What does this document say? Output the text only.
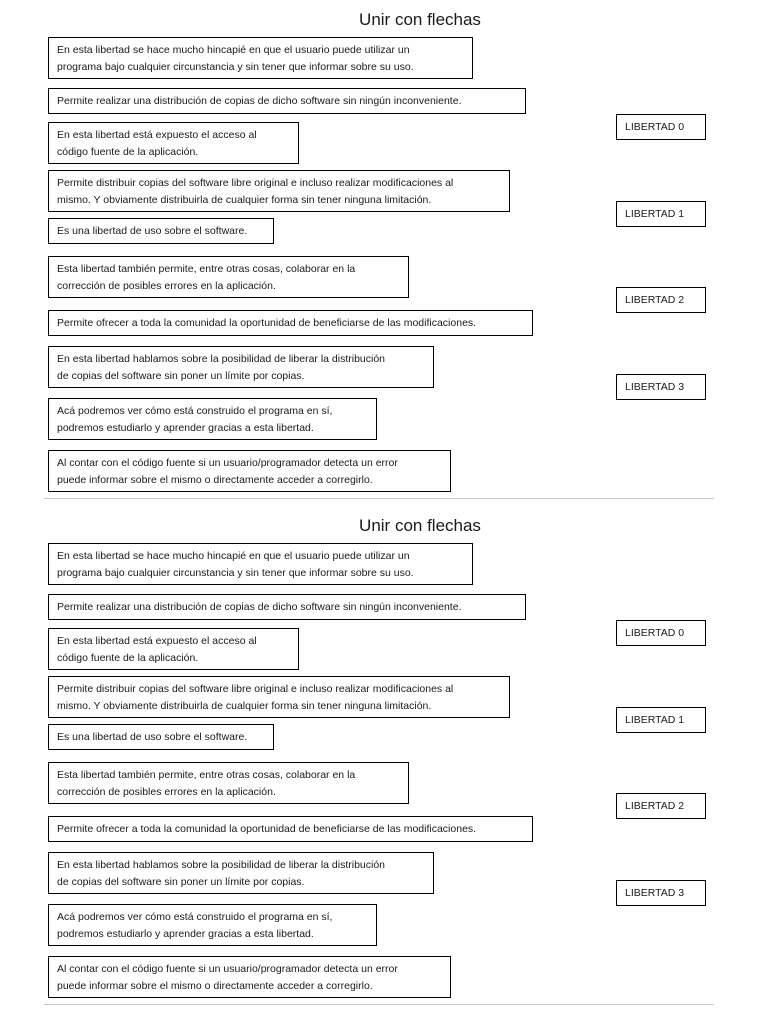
Unir con flechas
En esta libertad se hace mucho hincapié en que el usuario puede utilizar un
programa bajo cualquier circunstancia y sin tener que informar sobre su uso.
Permite realizar una distribución de copias de dicho software sin ningún inconveniente.
En esta libertad está expuesto el acceso al
código fuente de la aplicación.
Permite distribuir copias del software libre original e incluso realizar modificaciones al
mismo. Y obviamente distribuirla de cualquier forma sin tener ninguna limitación.
Es una libertad de uso sobre el software.
Esta libertad también permite, entre otras cosas, colaborar en la
corrección de posibles errores en la aplicación.
Permite ofrecer a toda la comunidad la oportunidad de beneficiarse de las modificaciones.
En esta libertad hablamos sobre la posibilidad de liberar la distribución
de copias del software sin poner un límite por copias.
Acá podremos ver cómo está construido el programa en sí,
podremos estudiarlo y aprender gracias a esta libertad.
Al contar con el código fuente si un usuario/programador detecta un error
puede informar sobre el mismo o directamente acceder a corregirlo.
LIBERTAD 0
LIBERTAD 1
LIBERTAD 2
LIBERTAD 3
Unir con flechas
En esta libertad se hace mucho hincapié en que el usuario puede utilizar un
programa bajo cualquier circunstancia y sin tener que informar sobre su uso.
Permite realizar una distribución de copias de dicho software sin ningún inconveniente.
En esta libertad está expuesto el acceso al
código fuente de la aplicación.
Permite distribuir copias del software libre original e incluso realizar modificaciones al
mismo. Y obviamente distribuirla de cualquier forma sin tener ninguna limitación.
Es una libertad de uso sobre el software.
Esta libertad también permite, entre otras cosas, colaborar en la
corrección de posibles errores en la aplicación.
Permite ofrecer a toda la comunidad la oportunidad de beneficiarse de las modificaciones.
En esta libertad hablamos sobre la posibilidad de liberar la distribución
de copias del software sin poner un límite por copias.
Acá podremos ver cómo está construido el programa en sí,
podremos estudiarlo y aprender gracias a esta libertad.
Al contar con el código fuente si un usuario/programador detecta un error
puede informar sobre el mismo o directamente acceder a corregirlo.
LIBERTAD 0
LIBERTAD 1
LIBERTAD 2
LIBERTAD 3
